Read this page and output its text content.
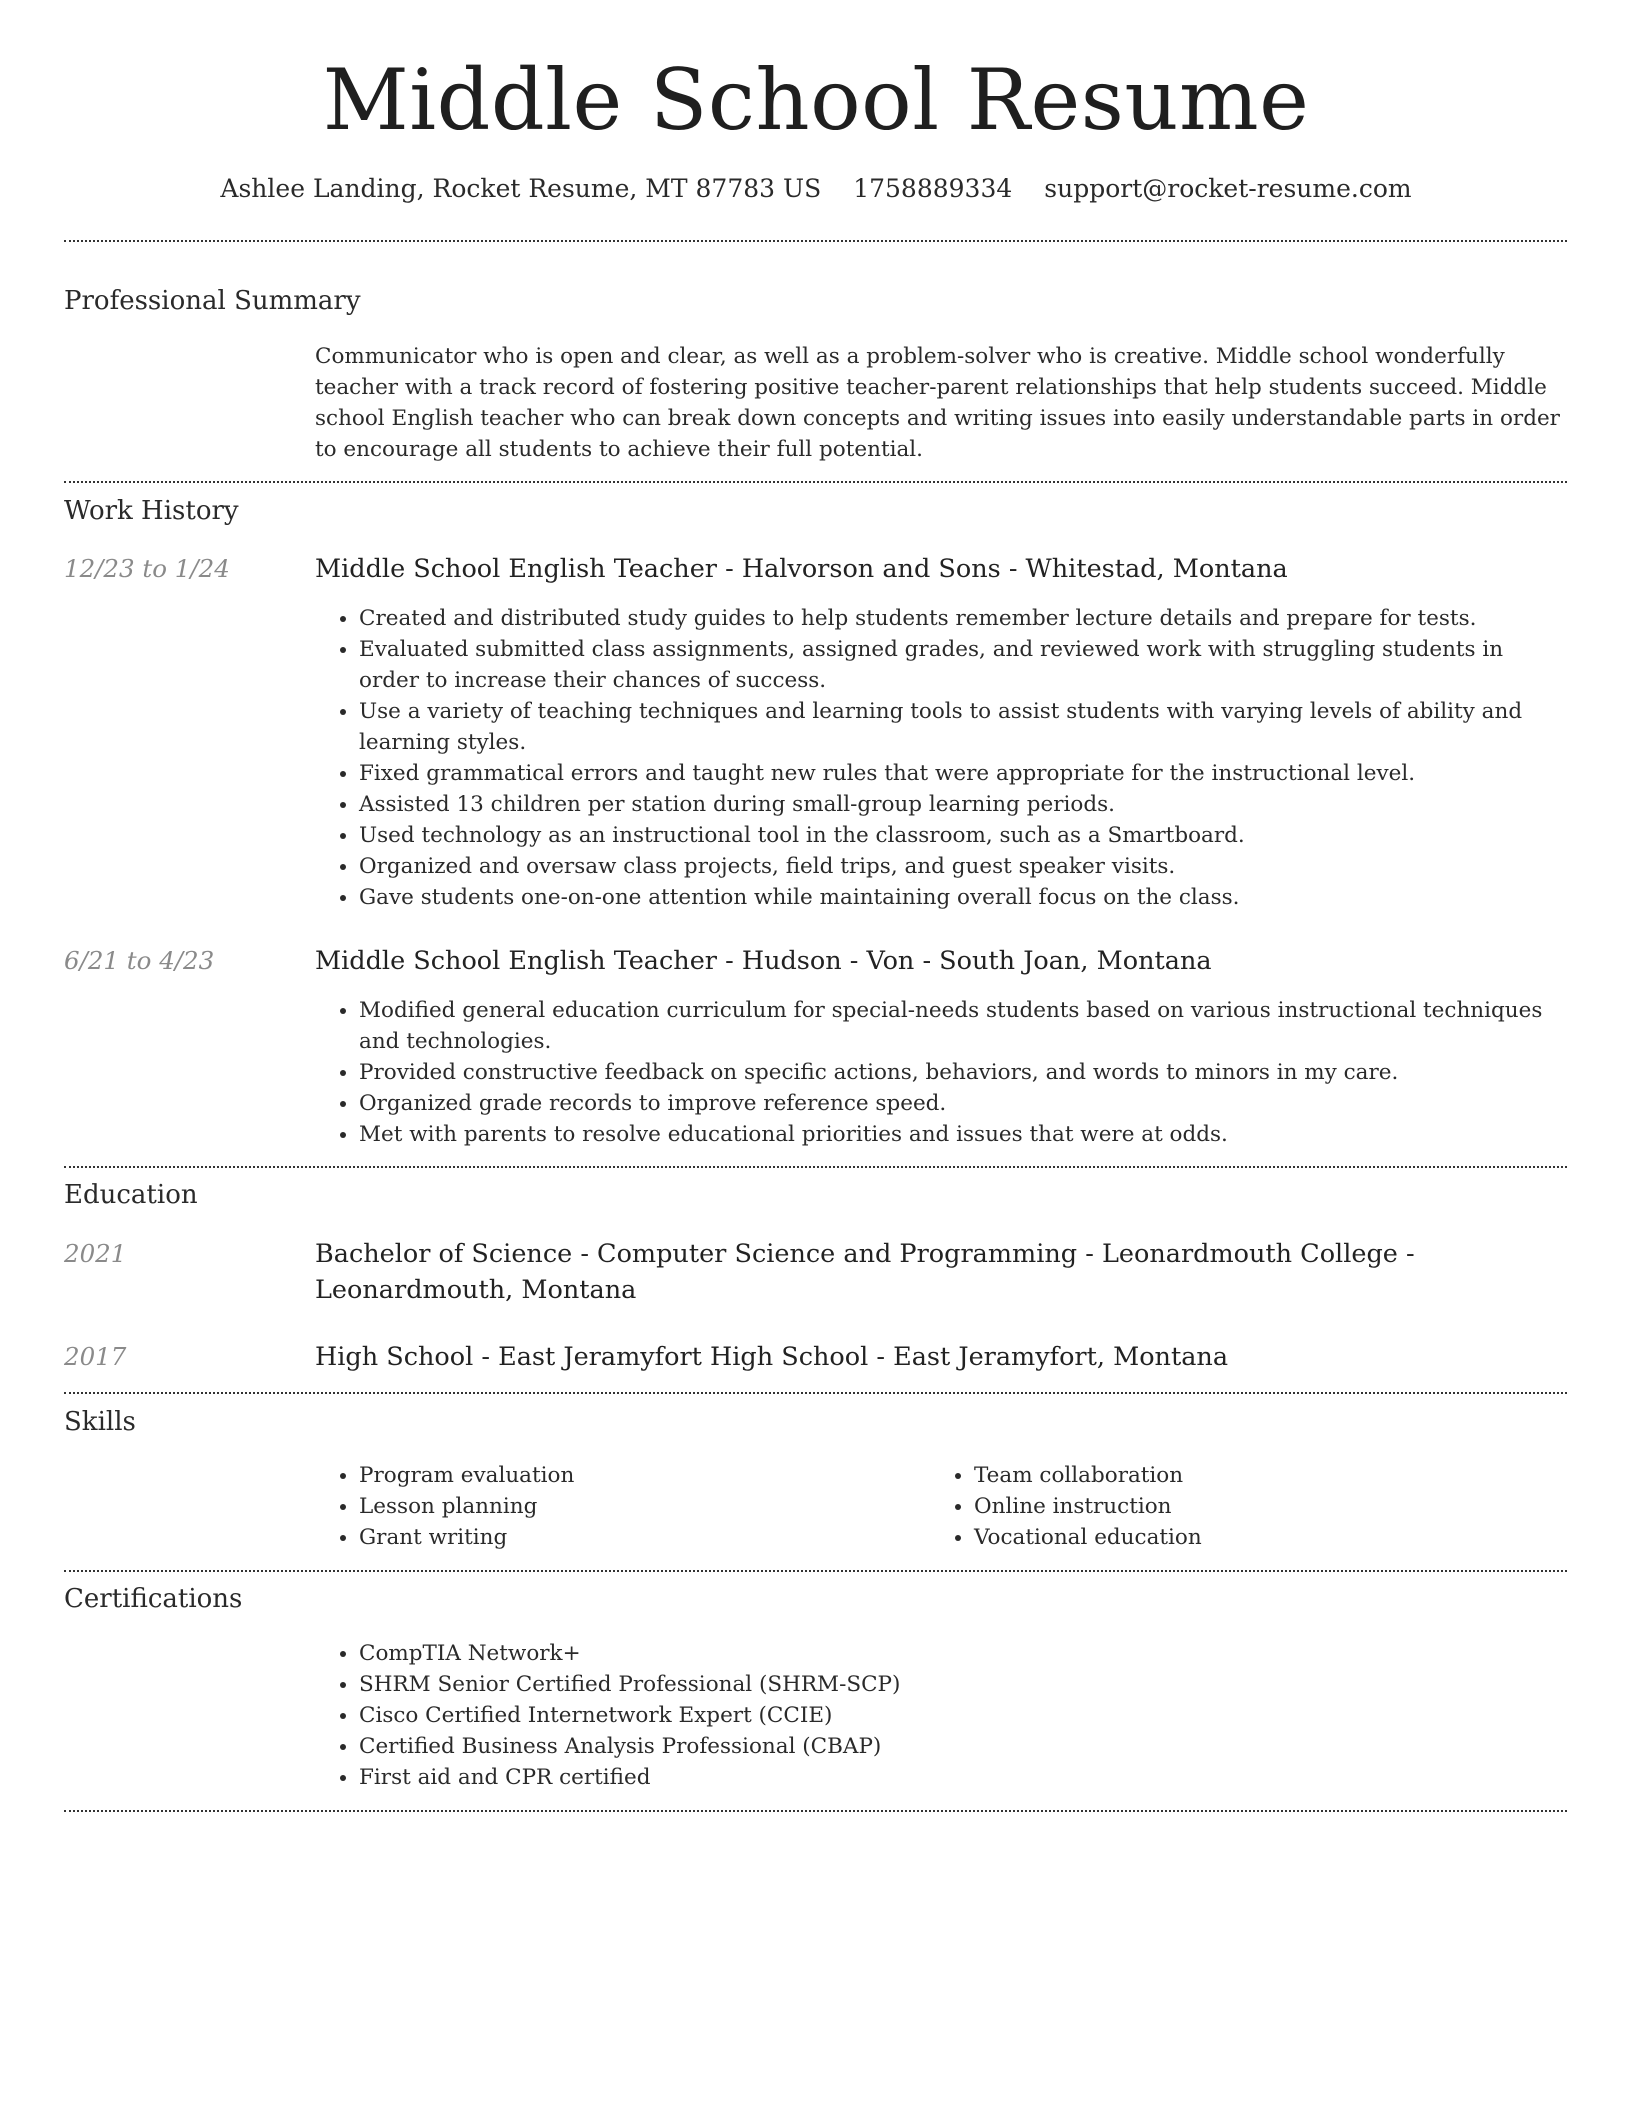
Middle School Resume
Ashlee Landing, Rocket Resume, MT 87783 US 1758889334 support@rocket-resume.com
Professional Summary
Communicator who is open and clear, as well as a problem-solver who is creative. Middle school wonderfully teacher with a track record of fostering positive teacher-parent relationships that help students succeed. Middle school English teacher who can break down concepts and writing issues into easily understandable parts in order to encourage all students to achieve their full potential.
Work History
12/23 to 1/24	Middle School English Teacher - Halvorson and Sons - Whitestad, Montana
• Created and distributed study guides to help students remember lecture details and prepare for tests.
• Evaluated submitted class assignments, assigned grades, and reviewed work with struggling students in order to increase their chances of success.
• Use a variety of teaching techniques and learning tools to assist students with varying levels of ability and learning styles.
• Fixed grammatical errors and taught new rules that were appropriate for the instructional level.
• Assisted 13 children per station during small-group learning periods.
• Used technology as an instructional tool in the classroom, such as a Smartboard.
• Organized and oversaw class projects, field trips, and guest speaker visits.
• Gave students one-on-one attention while maintaining overall focus on the class.
6/21 to 4/23	Middle School English Teacher - Hudson - Von - South Joan, Montana
• Modified general education curriculum for special-needs students based on various instructional techniques and technologies.
• Provided constructive feedback on specific actions, behaviors, and words to minors in my care.
• Organized grade records to improve reference speed.
• Met with parents to resolve educational priorities and issues that were at odds.
Education
2021	Bachelor of Science - Computer Science and Programming - Leonardmouth College - Leonardmouth, Montana
2017	High School - East Jeramyfort High School - East Jeramyfort, Montana
Skills
• Program evaluation
• Lesson planning
• Grant writing
• Team collaboration
• Online instruction
• Vocational education
Certifications
• CompTIA Network+
• SHRM Senior Certified Professional (SHRM-SCP)
• Cisco Certified Internetwork Expert (CCIE)
• Certified Business Analysis Professional (CBAP)
• First aid and CPR certified
